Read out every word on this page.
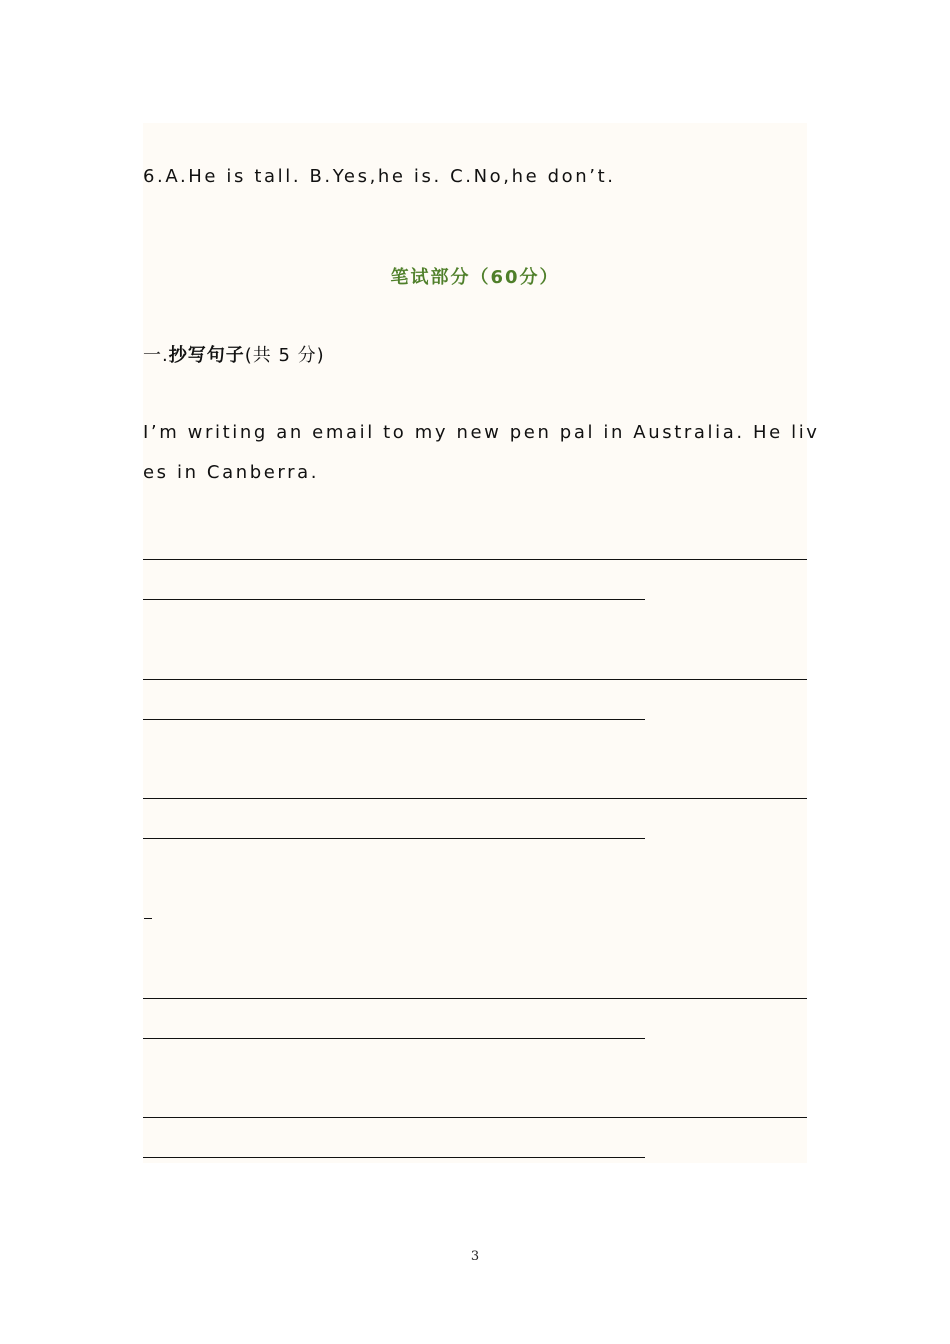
6.A.He is tall. B.Yes,he is. C.No,he don’t.
笔试部分（60分）
一.抄写句子(共 5 分)
I’m writing an email to my new pen pal in Australia. He liv
es in Canberra.
3
